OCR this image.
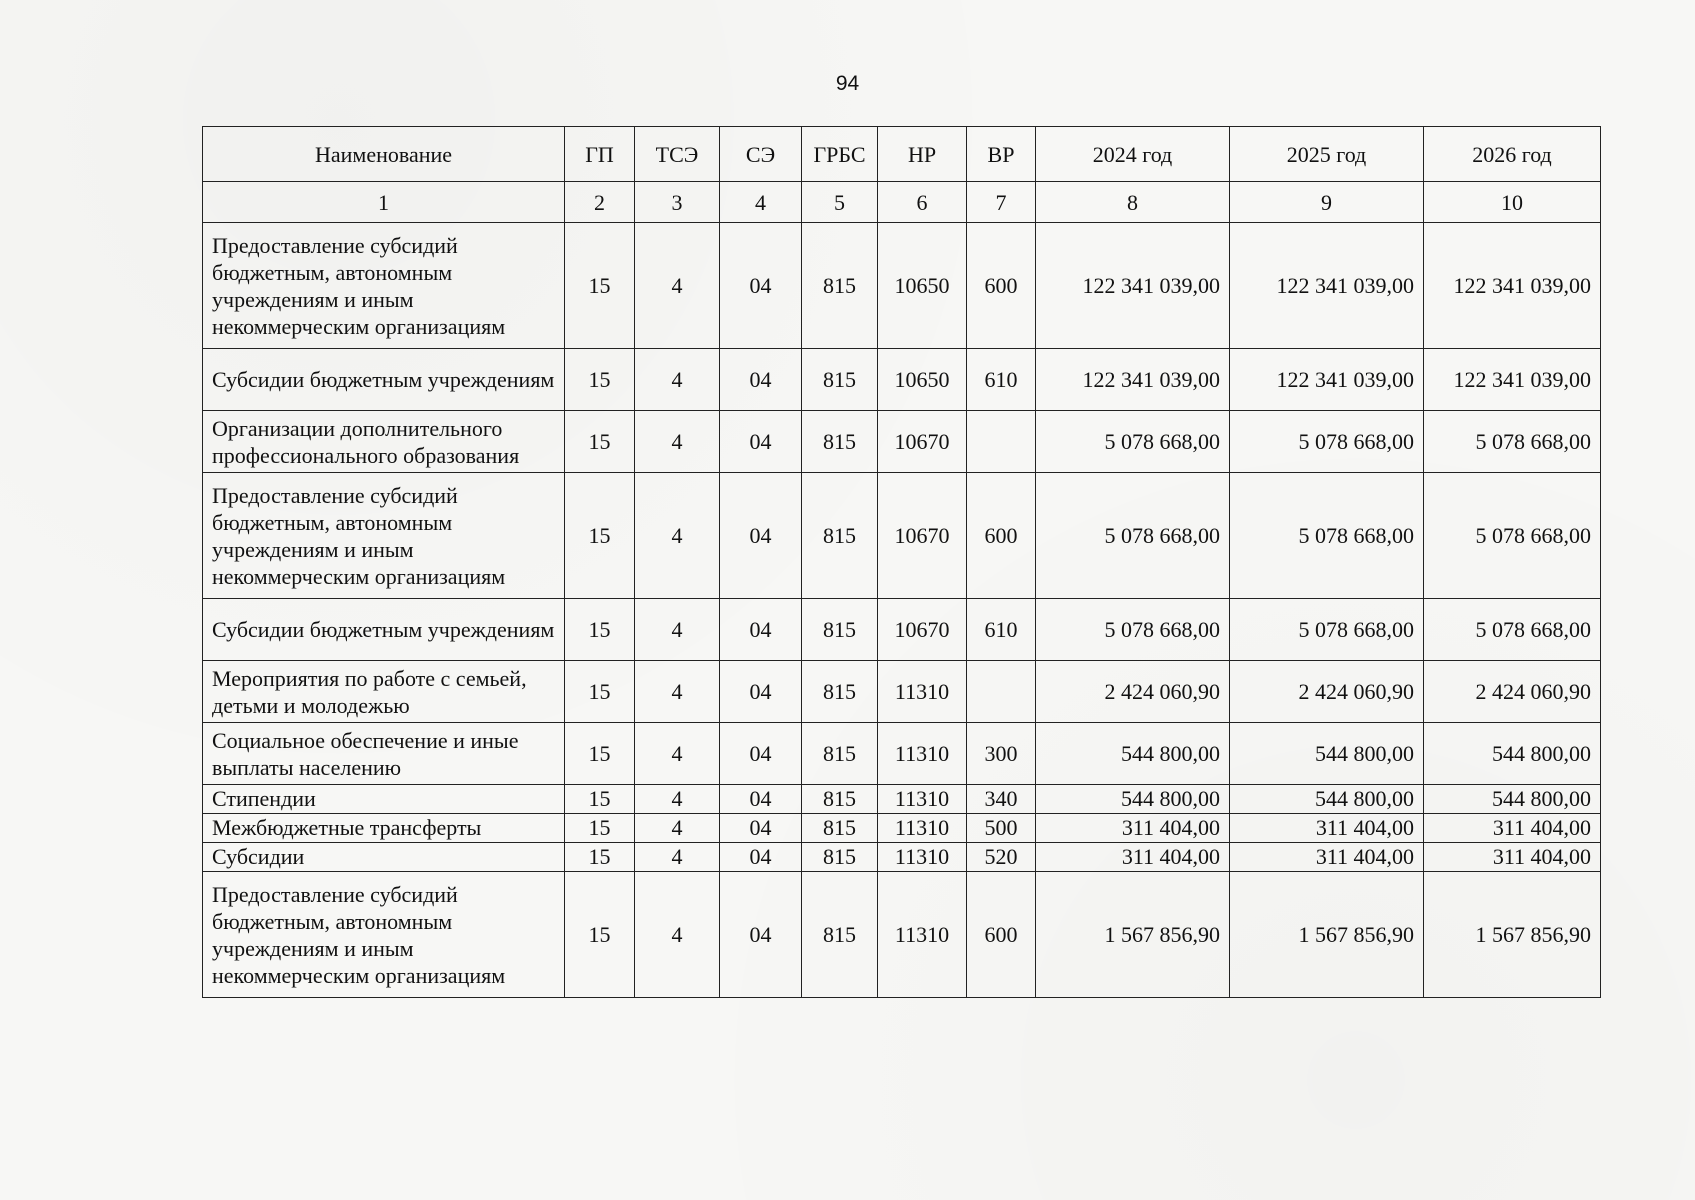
94
Наименование	ГП	ТСЭ	СЭ	ГРБС	НР	ВР	2024 год	2025 год	2026 год
1	2	3	4	5	6	7	8	9	10
Предоставление субсидий бюджетным, автономным учреждениям и иным некоммерческим организациям	15	4	04	815	10650	600	122 341 039,00	122 341 039,00	122 341 039,00
Субсидии бюджетным учреждениям	15	4	04	815	10650	610	122 341 039,00	122 341 039,00	122 341 039,00
Организации дополнительного профессионального образования	15	4	04	815	10670		5 078 668,00	5 078 668,00	5 078 668,00
Предоставление субсидий бюджетным, автономным учреждениям и иным некоммерческим организациям	15	4	04	815	10670	600	5 078 668,00	5 078 668,00	5 078 668,00
Субсидии бюджетным учреждениям	15	4	04	815	10670	610	5 078 668,00	5 078 668,00	5 078 668,00
Мероприятия по работе с семьей, детьми и молодежью	15	4	04	815	11310		2 424 060,90	2 424 060,90	2 424 060,90
Социальное обеспечение и иные выплаты населению	15	4	04	815	11310	300	544 800,00	544 800,00	544 800,00
Стипендии	15	4	04	815	11310	340	544 800,00	544 800,00	544 800,00
Межбюджетные трансферты	15	4	04	815	11310	500	311 404,00	311 404,00	311 404,00
Субсидии	15	4	04	815	11310	520	311 404,00	311 404,00	311 404,00
Предоставление субсидий бюджетным, автономным учреждениям и иным некоммерческим организациям	15	4	04	815	11310	600	1 567 856,90	1 567 856,90	1 567 856,90
